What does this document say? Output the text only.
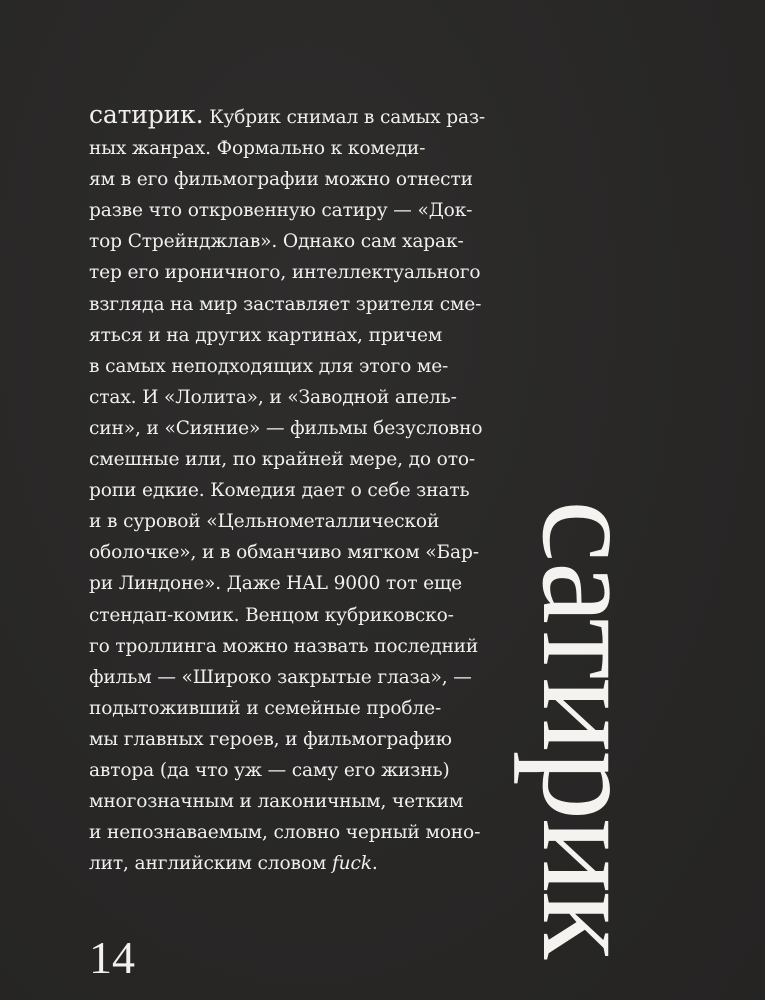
сатирик. Кубрик снимал в самых раз-
ных жанрах. Формально к комеди-
ям в его фильмографии можно отнести
разве что откровенную сатиру — «Док-
тор Стрейнджлав». Однако сам харак-
тер его ироничного, интеллектуального
взгляда на мир заставляет зрителя сме-
яться и на других картинах, причем
в самых неподходящих для этого ме-
стах. И «Лолита», и «Заводной апель-
син», и «Сияние» — фильмы безусловно
смешные или, по крайней мере, до ото-
ропи едкие. Комедия дает о себе знать
и в суровой «Цельнометаллической
оболочке», и в обманчиво мягком «Бар-
ри Линдоне». Даже HAL 9000 тот еще
стендап-комик. Венцом кубриковско-
го троллинга можно назвать последний
фильм — «Широко закрытые глаза», —
подытоживший и семейные пробле-
мы главных героев, и фильмографию
автора (да что уж — саму его жизнь)
многозначным и лаконичным, четким
и непознаваемым, словно черный моно-
лит, английским словом fuck.

14
сатирик
